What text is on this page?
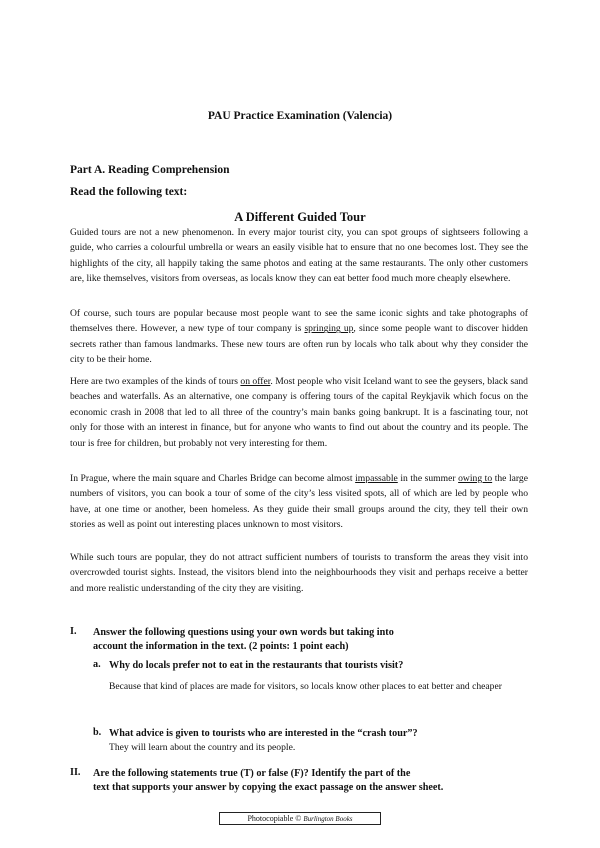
PAU Practice Examination (Valencia)
Part A. Reading Comprehension
Read the following text:
A Different Guided Tour
Guided tours are not a new phenomenon. In every major tourist city, you can spot groups of sightseers following a guide, who carries a colourful umbrella or wears an easily visible hat to ensure that no one becomes lost. They see the highlights of the city, all happily taking the same photos and eating at the same restaurants. The only other customers are, like themselves, visitors from overseas, as locals know they can eat better food much more cheaply elsewhere.
Of course, such tours are popular because most people want to see the same iconic sights and take photographs of themselves there. However, a new type of tour company is springing up, since some people want to discover hidden secrets rather than famous landmarks. These new tours are often run by locals who talk about why they consider the city to be their home.
Here are two examples of the kinds of tours on offer. Most people who visit Iceland want to see the geysers, black sand beaches and waterfalls. As an alternative, one company is offering tours of the capital Reykjavik which focus on the economic crash in 2008 that led to all three of the country’s main banks going bankrupt. It is a fascinating tour, not only for those with an interest in finance, but for anyone who wants to find out about the country and its people. The tour is free for children, but probably not very interesting for them.
In Prague, where the main square and Charles Bridge can become almost impassable in the summer owing to the large numbers of visitors, you can book a tour of some of the city’s less visited spots, all of which are led by people who have, at one time or another, been homeless. As they guide their small groups around the city, they tell their own stories as well as point out interesting places unknown to most visitors.
While such tours are popular, they do not attract sufficient numbers of tourists to transform the areas they visit into overcrowded tourist sights. Instead, the visitors blend into the neighbourhoods they visit and perhaps receive a better and more realistic understanding of the city they are visiting.
I. Answer the following questions using your own words but taking into
account the information in the text. (2 points: 1 point each)
a. Why do locals prefer not to eat in the restaurants that tourists visit?
Because that kind of places are made for visitors, so locals know other places to eat better and cheaper
b. What advice is given to tourists who are interested in the “crash tour”?
They will learn about the country and its people.
II. Are the following statements true (T) or false (F)? Identify the part of the
text that supports your answer by copying the exact passage on the answer sheet.
Photocopiable © Burlington Books
